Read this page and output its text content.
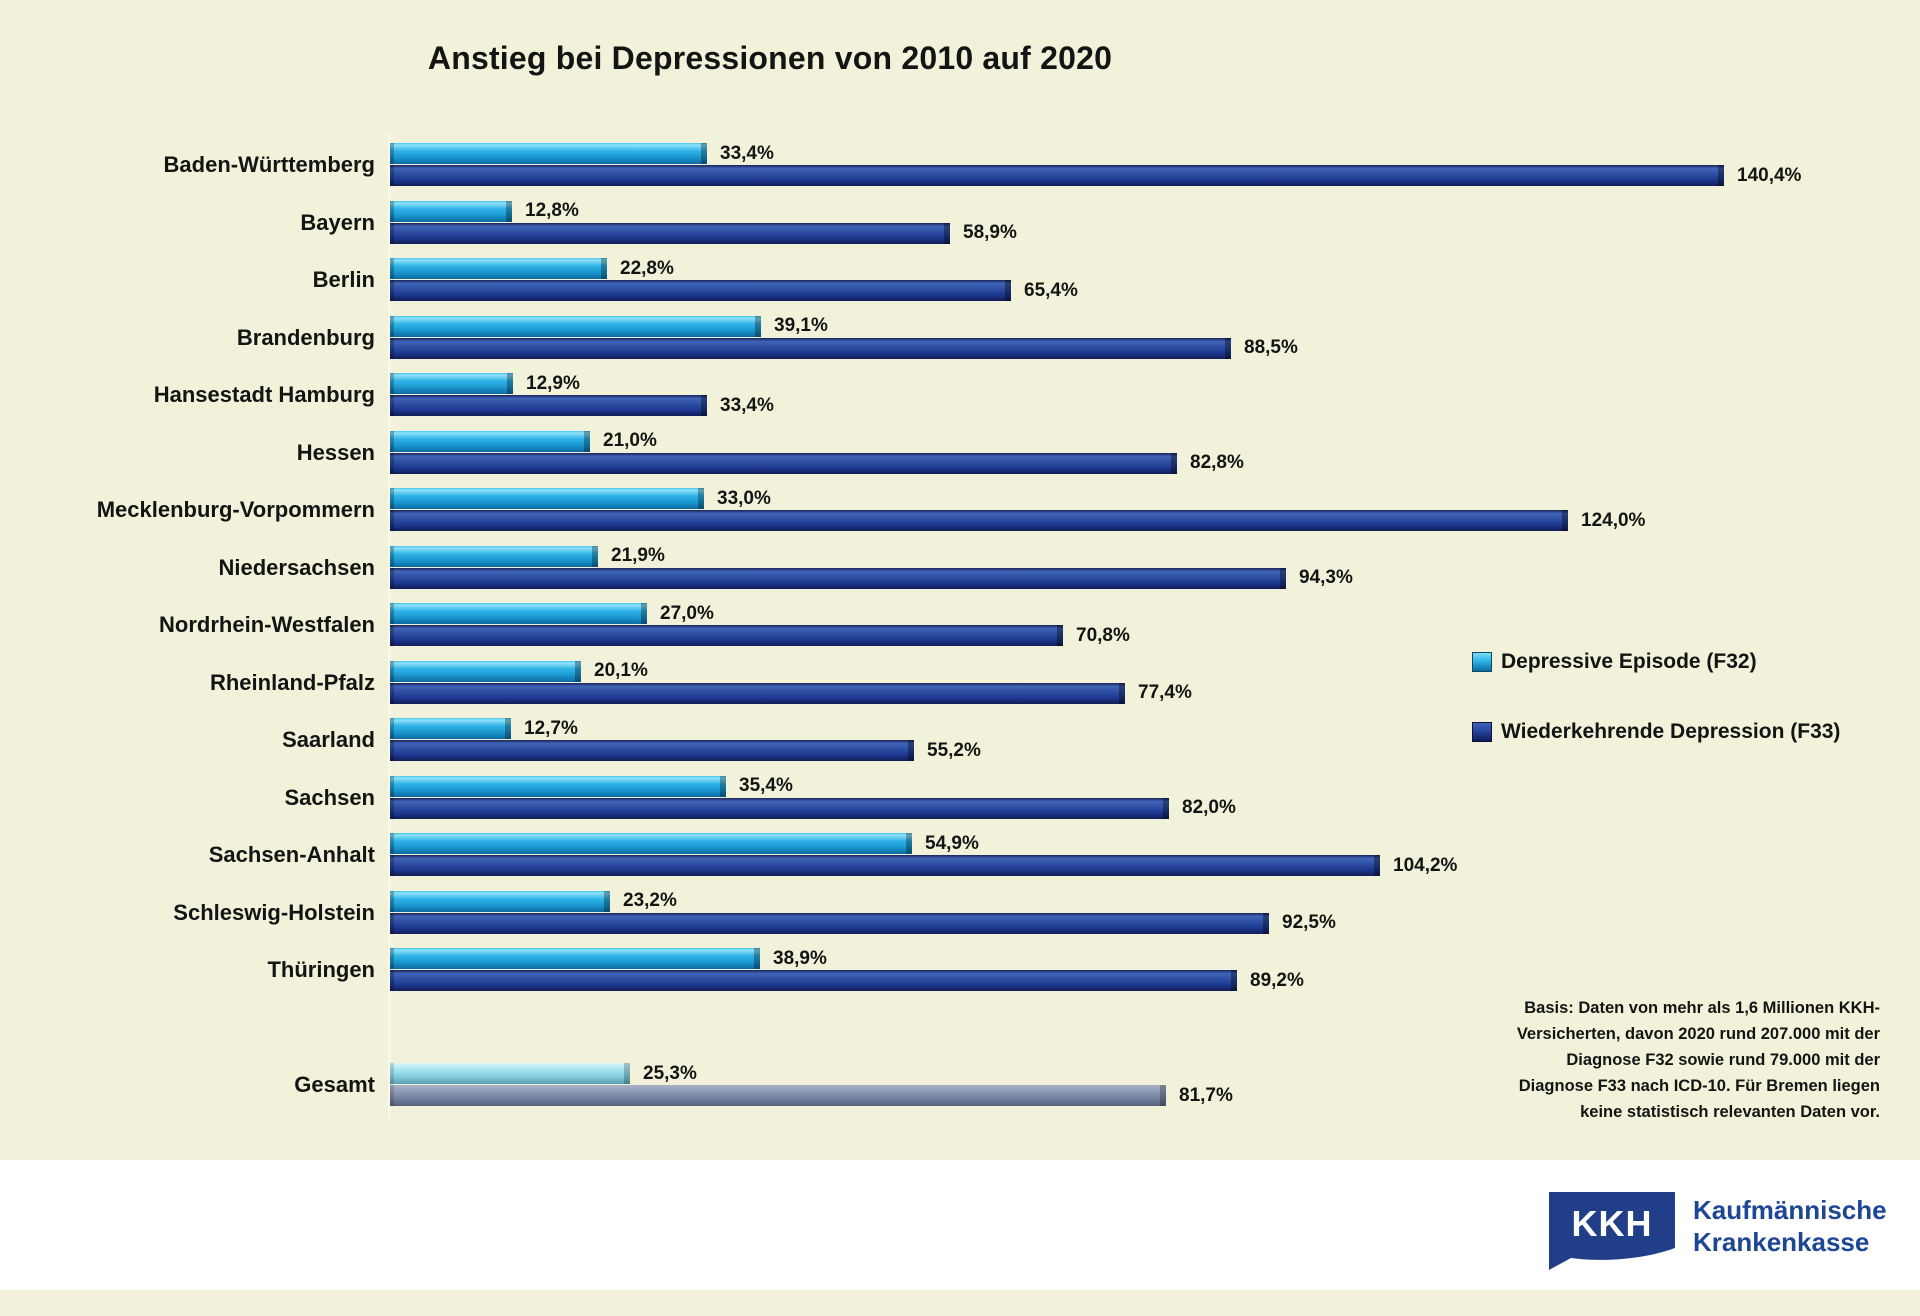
Anstieg bei Depressionen von 2010 auf 2020
Baden-Württemberg	33,4%
140,4%
Bayern	12,8%
58,9%
Berlin	22,8%
65,4%
Brandenburg	39,1%
88,5%
Hansestadt Hamburg	12,9%
33,4%
Hessen	21,0%
82,8%
Mecklenburg-Vorpommern	33,0%
124,0%
Niedersachsen	21,9%
94,3%
Nordrhein-Westfalen	27,0%
70,8%
Rheinland-Pfalz	20,1%
77,4%
Saarland	12,7%
55,2%
Sachsen	35,4%
82,0%
Sachsen-Anhalt	54,9%
104,2%
Schleswig-Holstein	23,2%
92,5%
Thüringen	38,9%
89,2%
Gesamt	25,3%
81,7%
Depressive Episode (F32)
Wiederkehrende Depression (F33)
Basis: Daten von mehr als 1,6 Millionen KKH-
Versicherten, davon 2020 rund 207.000 mit der
Diagnose F32 sowie rund 79.000 mit der
Diagnose F33 nach ICD-10. Für Bremen liegen
keine statistisch relevanten Daten vor.
KKH Kaufmännische
Krankenkasse
